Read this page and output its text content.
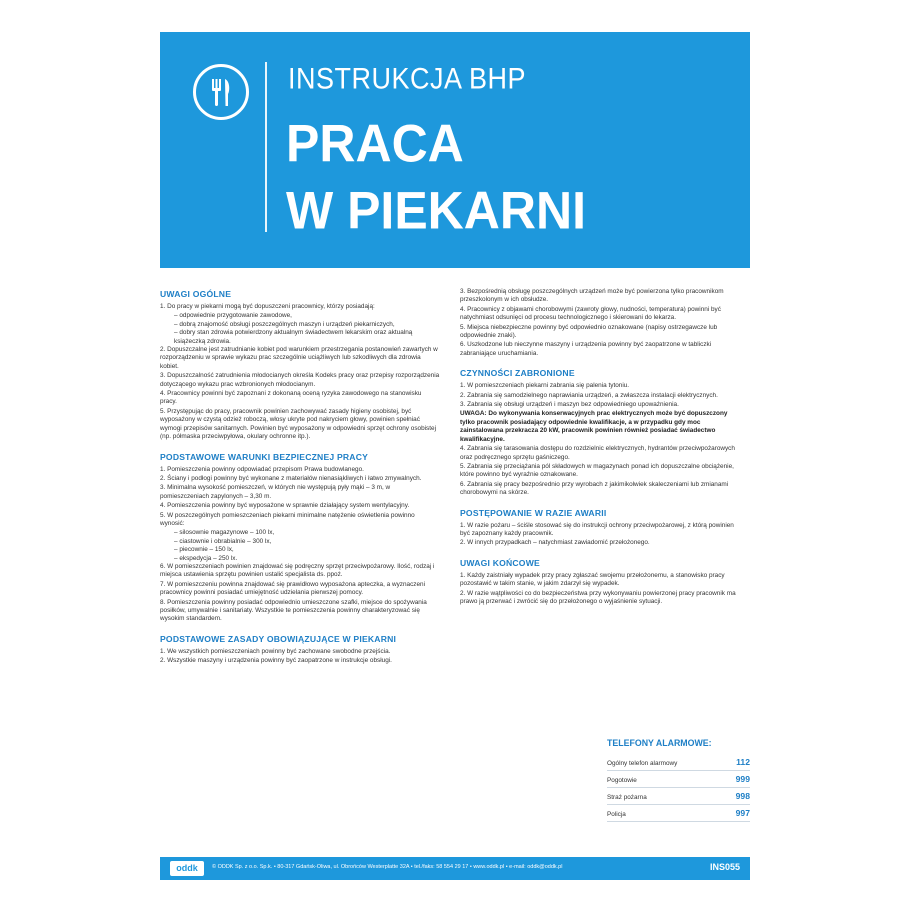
INSTRUKCJA BHP
PRACA
W PIEKARNI
UWAGI OGÓLNE
1. Do pracy w piekarni mogą być dopuszczeni pracownicy, którzy posiadają:
– odpowiednie przygotowanie zawodowe,
– dobrą znajomość obsługi poszczególnych maszyn i urządzeń piekarniczych,
– dobry stan zdrowia potwierdzony aktualnym świadectwem lekarskim oraz aktualną książeczką zdrowia.
2. Dopuszczalne jest zatrudnianie kobiet pod warunkiem przestrzegania postanowień zawartych w rozporządzeniu w sprawie wykazu prac szczególnie uciążliwych lub szkodliwych dla zdrowia kobiet.
3. Dopuszczalność zatrudnienia młodocianych określa Kodeks pracy oraz przepisy rozporządzenia dotyczącego wykazu prac wzbronionych młodocianym.
4. Pracownicy powinni być zapoznani z dokonaną oceną ryzyka zawodowego na stanowisku pracy.
5. Przystępując do pracy, pracownik powinien zachowywać zasady higieny osobistej, być wyposażony w czystą odzież roboczą, włosy ukryte pod nakryciem głowy, powinien spełniać wymogi przepisów sanitarnych. Powinien być wyposażony w odpowiedni sprzęt ochrony osobistej (np. półmaska przeciwpyłowa, okulary ochronne itp.).
PODSTAWOWE WARUNKI BEZPIECZNEJ PRACY
1. Pomieszczenia powinny odpowiadać przepisom Prawa budowlanego.
2. Ściany i podłogi powinny być wykonane z materiałów nienasiąkliwych i łatwo zmywalnych.
3. Minimalna wysokość pomieszczeń, w których nie występują pyły mąki – 3 m, w pomieszczeniach zapylonych – 3,30 m.
4. Pomieszczenia powinny być wyposażone w sprawnie działający system wentylacyjny.
5. W poszczególnych pomieszczeniach piekarni minimalne natężenie oświetlenia powinno wynosić:
– silosownie magazynowe – 100 lx,
– ciastownie i obrabialnie – 300 lx,
– piecownie – 150 lx,
– ekspedycja – 250 lx.
6. W pomieszczeniach powinien znajdować się podręczny sprzęt przeciwpożarowy. Ilość, rodzaj i miejsca ustawienia sprzętu powinien ustalić specjalista ds. ppoż.
7. W pomieszczeniu powinna znajdować się prawidłowo wyposażona apteczka, a wyznaczeni pracownicy powinni posiadać umiejętność udzielania pierwszej pomocy.
8. Pomieszczenia powinny posiadać odpowiednio umieszczone szafki, miejsce do spożywania posiłków, umywalnie i sanitariaty. Wszystkie te pomieszczenia powinny charakteryzować się wysokim standardem.
PODSTAWOWE ZASADY OBOWIĄZUJĄCE W PIEKARNI
1. We wszystkich pomieszczeniach powinny być zachowane swobodne przejścia.
2. Wszystkie maszyny i urządzenia powinny być zaopatrzone w instrukcje obsługi.
3. Bezpośrednią obsługę poszczególnych urządzeń może być powierzona tylko pracownikom przeszkolonym w ich obsłudze.
4. Pracownicy z objawami chorobowymi (zawroty głowy, nudności, temperatura) powinni być natychmiast odsunięci od procesu technologicznego i skierowani do lekarza.
5. Miejsca niebezpieczne powinny być odpowiednio oznakowane (napisy ostrzegawcze lub odpowiednie znaki).
6. Uszkodzone lub nieczynne maszyny i urządzenia powinny być zaopatrzone w tabliczki zabraniające uruchamiania.
CZYNNOŚCI ZABRONIONE
1. W pomieszczeniach piekarni zabrania się palenia tytoniu.
2. Zabrania się samodzielnego naprawiania urządzeń, a zwłaszcza instalacji elektrycznych.
3. Zabrania się obsługi urządzeń i maszyn bez odpowiedniego upoważnienia.
UWAGA: Do wykonywania konserwacyjnych prac elektrycznych może być dopuszczony tylko pracownik posiadający odpowiednie kwalifikacje, a w przypadku gdy moc zainstalowana przekracza 20 kW, pracownik powinien również posiadać świadectwo kwalifikacyjne.
4. Zabrania się tarasowania dostępu do rozdzielnic elektrycznych, hydrantów przeciwpożarowych oraz podręcznego sprzętu gaśniczego.
5. Zabrania się przeciążania pól składowych w magazynach ponad ich dopuszczalne obciążenie, które powinno być wyraźnie oznakowane.
6. Zabrania się pracy bezpośrednio przy wyrobach z jakimikolwiek skaleczeniami lub zmianami chorobowymi na skórze.
POSTĘPOWANIE W RAZIE AWARII
1. W razie pożaru – ściśle stosować się do instrukcji ochrony przeciwpożarowej, z którą powinien być zapoznany każdy pracownik.
2. W innych przypadkach – natychmiast zawiadomić przełożonego.
UWAGI KOŃCOWE
1. Każdy zaistniały wypadek przy pracy zgłaszać swojemu przełożonemu, a stanowisko pracy pozostawić w takim stanie, w jakim zdarzył się wypadek.
2. W razie wątpliwości co do bezpieczeństwa przy wykonywaniu powierzonej pracy pracownik ma prawo ją przerwać i zwrócić się do przełożonego o wyjaśnienie sytuacji.
TELEFONY ALARMOWE:
Ogólny telefon alarmowy	112
Pogotowie	999
Straż pożarna	998
Policja	997
oddk	© ODDK Sp. z o.o. Sp.k. • 80-317 Gdańsk-Oliwa, ul. Obrońców Westerplatte 32A • tel./faks: 58 554 29 17 • www.oddk.pl • e-mail: oddk@oddk.pl	INS055
